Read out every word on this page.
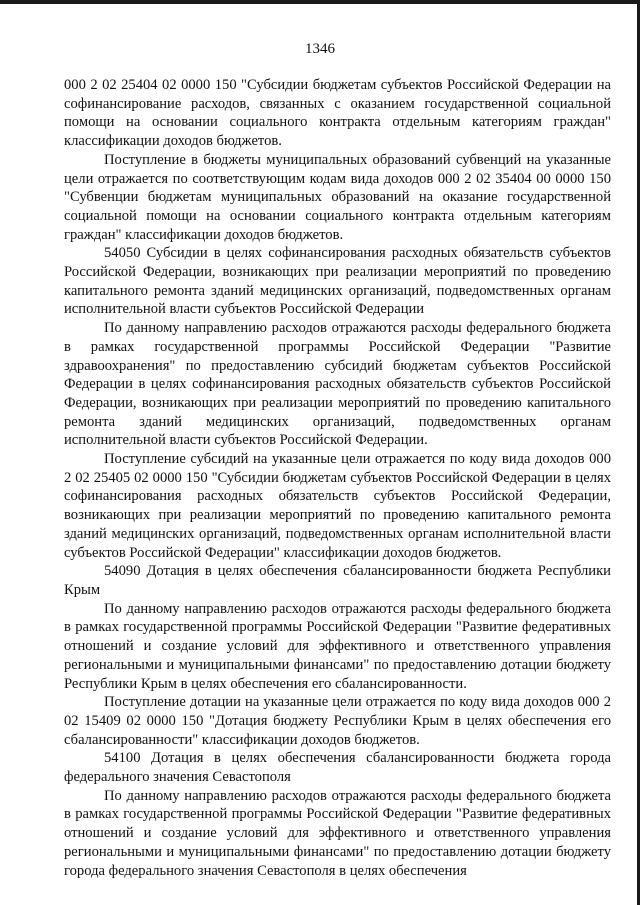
1346

000 2 02 25404 02 0000 150 "Субсидии бюджетам субъектов Российской Федерации на софинансирование расходов, связанных с оказанием государственной социальной помощи на основании социального контракта отдельным категориям граждан" классификации доходов бюджетов.

Поступление в бюджеты муниципальных образований субвенций на указанные цели отражается по соответствующим кодам вида доходов 000 2 02 35404 00 0000 150 "Субвенции бюджетам муниципальных образований на оказание государственной социальной помощи на основании социального контракта отдельным категориям граждан" классификации доходов бюджетов.

54050 Субсидии в целях софинансирования расходных обязательств субъектов Российской Федерации, возникающих при реализации мероприятий по проведению капитального ремонта зданий медицинских организаций, подведомственных органам исполнительной власти субъектов Российской Федерации

По данному направлению расходов отражаются расходы федерального бюджета в рамках государственной программы Российской Федерации "Развитие здравоохранения" по предоставлению субсидий бюджетам субъектов Российской Федерации в целях софинансирования расходных обязательств субъектов Российской Федерации, возникающих при реализации мероприятий по проведению капитального ремонта зданий медицинских организаций, подведомственных органам исполнительной власти субъектов Российской Федерации.

Поступление субсидий на указанные цели отражается по коду вида доходов 000 2 02 25405 02 0000 150 "Субсидии бюджетам субъектов Российской Федерации в целях софинансирования расходных обязательств субъектов Российской Федерации, возникающих при реализации мероприятий по проведению капитального ремонта зданий медицинских организаций, подведомственных органам исполнительной власти субъектов Российской Федерации" классификации доходов бюджетов.

54090 Дотация в целях обеспечения сбалансированности бюджета Республики Крым

По данному направлению расходов отражаются расходы федерального бюджета в рамках государственной программы Российской Федерации "Развитие федеративных отношений и создание условий для эффективного и ответственного управления региональными и муниципальными финансами" по предоставлению дотации бюджету Республики Крым в целях обеспечения его сбалансированности.

Поступление дотации на указанные цели отражается по коду вида доходов 000 2 02 15409 02 0000 150 "Дотация бюджету Республики Крым в целях обеспечения его сбалансированности" классификации доходов бюджетов.

54100 Дотация в целях обеспечения сбалансированности бюджета города федерального значения Севастополя

По данному направлению расходов отражаются расходы федерального бюджета в рамках государственной программы Российской Федерации "Развитие федеративных отношений и создание условий для эффективного и ответственного управления региональными и муниципальными финансами" по предоставлению дотации бюджету города федерального значения Севастополя в целях обеспечения
